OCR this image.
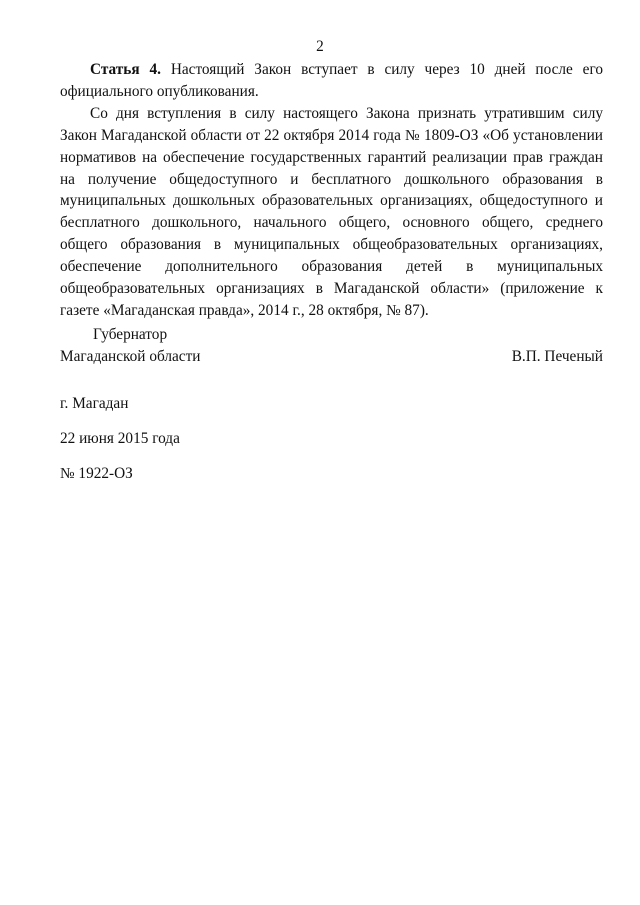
2

Статья 4. Настоящий Закон вступает в силу через 10 дней после его официального опубликования.

Со дня вступления в силу настоящего Закона признать утратившим силу Закон Магаданской области от 22 октября 2014 года № 1809-ОЗ «Об установлении нормативов на обеспечение государственных гарантий реализации прав граждан на получение общедоступного и бесплатного дошкольного образования в муниципальных дошкольных образовательных организациях, общедоступного и бесплатного дошкольного, начального общего, основного общего, среднего общего образования в муниципальных общеобразовательных организациях, обеспечение дополнительного образования детей в муниципальных общеобразовательных организациях в Магаданской области» (приложение к газете «Магаданская правда», 2014 г., 28 октября, № 87).

Губернатор
Магаданской области	В.П. Печеный
г. Магадан
22 июня 2015 года
№ 1922-ОЗ
